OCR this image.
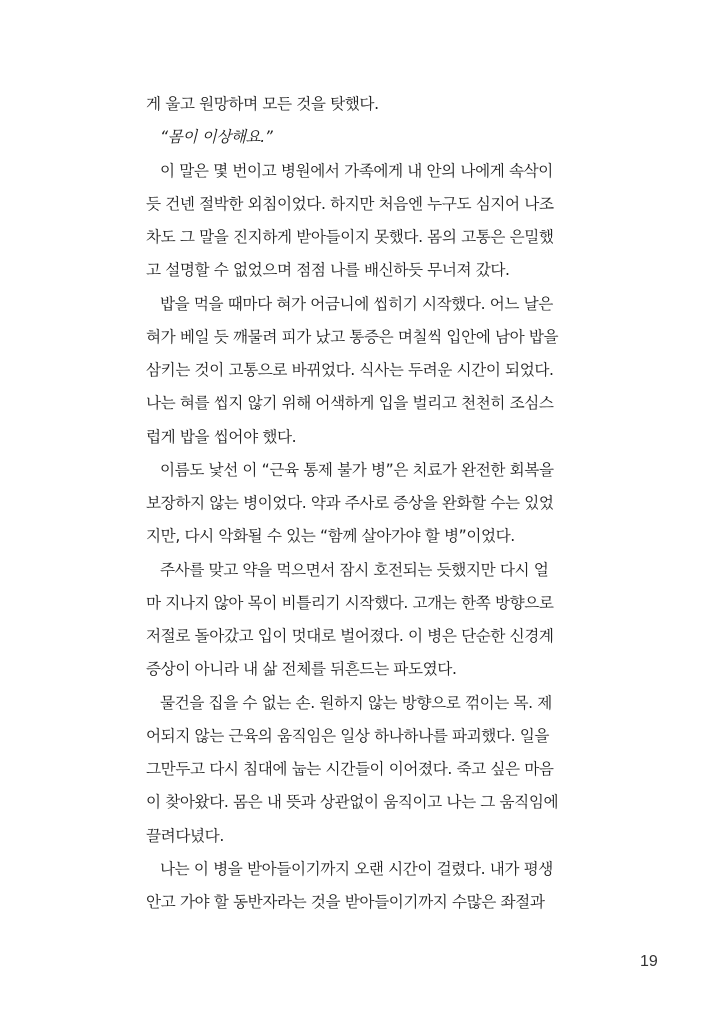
게 울고 원망하며 모든 것을 탓했다.
“몸이 이상해요.”
이 말은 몇 번이고 병원에서 가족에게 내 안의 나에게 속삭이
듯 건넨 절박한 외침이었다. 하지만 처음엔 누구도 심지어 나조
차도 그 말을 진지하게 받아들이지 못했다. 몸의 고통은 은밀했
고 설명할 수 없었으며 점점 나를 배신하듯 무너져 갔다.
밥을 먹을 때마다 혀가 어금니에 씹히기 시작했다. 어느 날은
혀가 베일 듯 깨물려 피가 났고 통증은 며칠씩 입안에 남아 밥을
삼키는 것이 고통으로 바뀌었다. 식사는 두려운 시간이 되었다.
나는 혀를 씹지 않기 위해 어색하게 입을 벌리고 천천히 조심스
럽게 밥을 씹어야 했다.
이름도 낯선 이 “근육 통제 불가 병”은 치료가 완전한 회복을
보장하지 않는 병이었다. 약과 주사로 증상을 완화할 수는 있었
지만, 다시 악화될 수 있는 “함께 살아가야 할 병”이었다.
주사를 맞고 약을 먹으면서 잠시 호전되는 듯했지만 다시 얼
마 지나지 않아 목이 비틀리기 시작했다. 고개는 한쪽 방향으로
저절로 돌아갔고 입이 멋대로 벌어졌다. 이 병은 단순한 신경계
증상이 아니라 내 삶 전체를 뒤흔드는 파도였다.
물건을 집을 수 없는 손. 원하지 않는 방향으로 꺾이는 목. 제
어되지 않는 근육의 움직임은 일상 하나하나를 파괴했다. 일을
그만두고 다시 침대에 눕는 시간들이 이어졌다. 죽고 싶은 마음
이 찾아왔다. 몸은 내 뜻과 상관없이 움직이고 나는 그 움직임에
끌려다녔다.
나는 이 병을 받아들이기까지 오랜 시간이 걸렸다. 내가 평생
안고 가야 할 동반자라는 것을 받아들이기까지 수많은 좌절과
19
